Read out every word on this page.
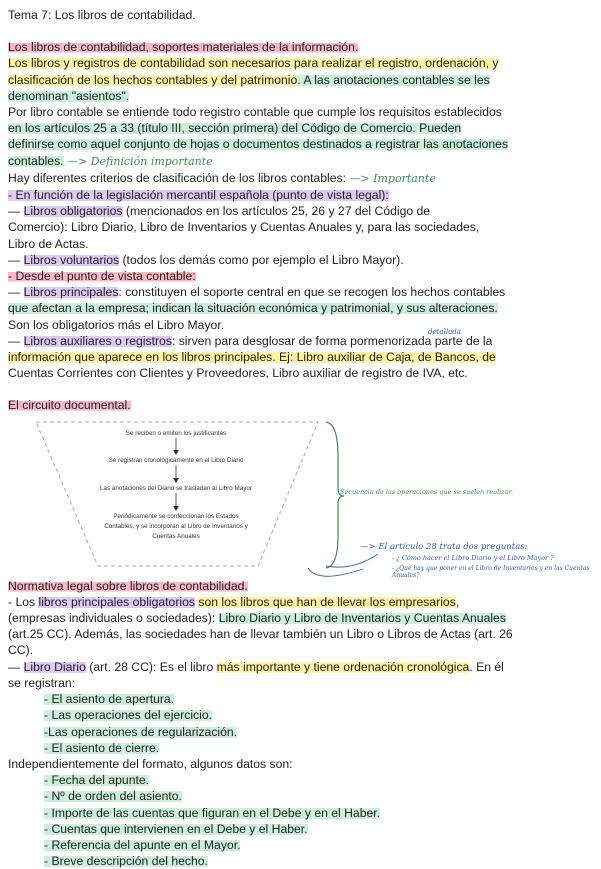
Tema 7: Los libros de contabilidad.
Los libros de contabilidad, soportes materiales de la información.
Los libros y registros de contabilidad son necesarios para realizar el registro, ordenación, y
clasificación de los hechos contables y del patrimonio. A las anotaciones contables se les
denominan "asientos".
Por libro contable se entiende todo registro contable que cumple los requisitos establecidos
en los artículos 25 a 33 (título III, sección primera) del Código de Comercio. Pueden
definirse como aquel conjunto de hojas o documentos destinados a registrar las anotaciones
contables. —> Definición importante
Hay diferentes criterios de clasificación de los libros contables: —> Importante
- En función de la legislación mercantil española (punto de vista legal):
— Libros obligatorios (mencionados en los artículos 25, 26 y 27 del Código de
Comercio): Libro Diario, Libro de Inventarios y Cuentas Anuales y, para las sociedades,
Libro de Actas.
— Libros voluntarios (todos los demás como por ejemplo el Libro Mayor).
- Desde el punto de vista contable:
— Libros principales: constituyen el soporte central en que se recogen los hechos contables
que afectan a la empresa; indican la situación económica y patrimonial, y sus alteraciones.
Son los obligatorios más el Libro Mayor.
— Libros auxiliares o registros: sirven para desglosar de forma pormenorizada parte de la
detallada
información que aparece en los libros principales. Ej: Libro auxiliar de Caja, de Bancos, de
Cuentas Corrientes con Clientes y Proveedores, Libro auxiliar de registro de IVA, etc.
El circuito documental.
Se reciben o emiten los justificantes
Se registran cronológicamente en el Libro Diario
Las anotaciones del Diario se trasladan al Libro Mayor
Periódicamente se confeccionan los Estados
Contables, y se incorporan al Libro de Inventarios y
Cuentas Anuales
Secuencia de las operaciones que se suelen realizar.
—> El artículo 28 trata dos preguntas:
- ¿ Cómo hacer el Libro Diario y el Libro Mayor ?
- ¿Qué hay que poner en el Libro de Inventarios y en las Cuentas Anuales?
Normativa legal sobre libros de contabilidad.
- Los libros principales obligatorios son los libros que han de llevar los empresarios,
(empresas individuales o sociedades): Libro Diario y Libro de Inventarios y Cuentas Anuales
(art.25 CC). Además, las sociedades han de llevar también un Libro o Libros de Actas (art. 26
CC).
— Libro Diario (art. 28 CC): Es el libro más importante y tiene ordenación cronológica. En él
se registran:
- El asiento de apertura.
- Las operaciones del ejercicio.
-Las operaciones de regularización.
- El asiento de cierre.
Independientemente del formato, algunos datos son:
- Fecha del apunte.
- Nº de orden del asiento.
- Importe de las cuentas que figuran en el Debe y en el Haber.
- Cuentas que intervienen en el Debe y el Haber.
- Referencia del apunte en el Mayor.
- Breve descripción del hecho.
